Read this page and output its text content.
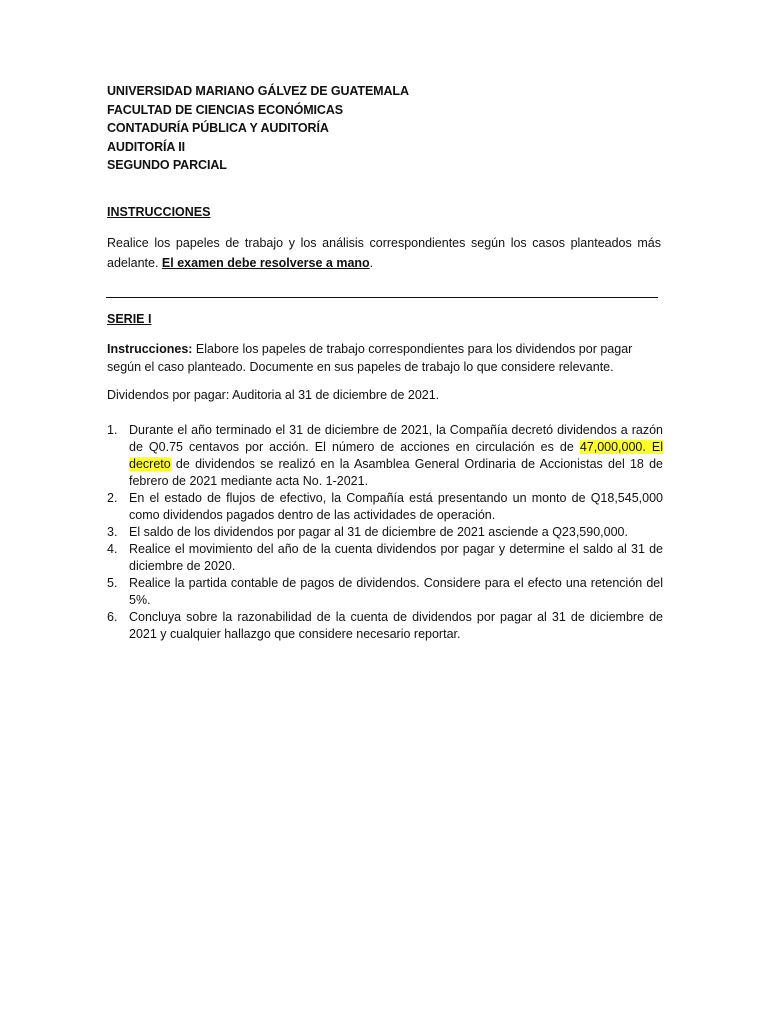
UNIVERSIDAD MARIANO GÁLVEZ DE GUATEMALA
FACULTAD DE CIENCIAS ECONÓMICAS
CONTADURÍA PÚBLICA Y AUDITORÍA
AUDITORÍA II
SEGUNDO PARCIAL
INSTRUCCIONES
Realice los papeles de trabajo y los análisis correspondientes según los casos planteados más adelante. El examen debe resolverse a mano.
SERIE I
Instrucciones: Elabore los papeles de trabajo correspondientes para los dividendos por pagar según el caso planteado. Documente en sus papeles de trabajo lo que considere relevante.
Dividendos por pagar: Auditoria al 31 de diciembre de 2021.
1. Durante el año terminado el 31 de diciembre de 2021, la Compañía decretó dividendos a razón de Q0.75 centavos por acción. El número de acciones en circulación es de 47,000,000. El decreto de dividendos se realizó en la Asamblea General Ordinaria de Accionistas del 18 de febrero de 2021 mediante acta No. 1-2021.
2. En el estado de flujos de efectivo, la Compañía está presentando un monto de Q18,545,000 como dividendos pagados dentro de las actividades de operación.
3. El saldo de los dividendos por pagar al 31 de diciembre de 2021 asciende a Q23,590,000.
4. Realice el movimiento del año de la cuenta dividendos por pagar y determine el saldo al 31 de diciembre de 2020.
5. Realice la partida contable de pagos de dividendos. Considere para el efecto una retención del 5%.
6. Concluya sobre la razonabilidad de la cuenta de dividendos por pagar al 31 de diciembre de 2021 y cualquier hallazgo que considere necesario reportar.
